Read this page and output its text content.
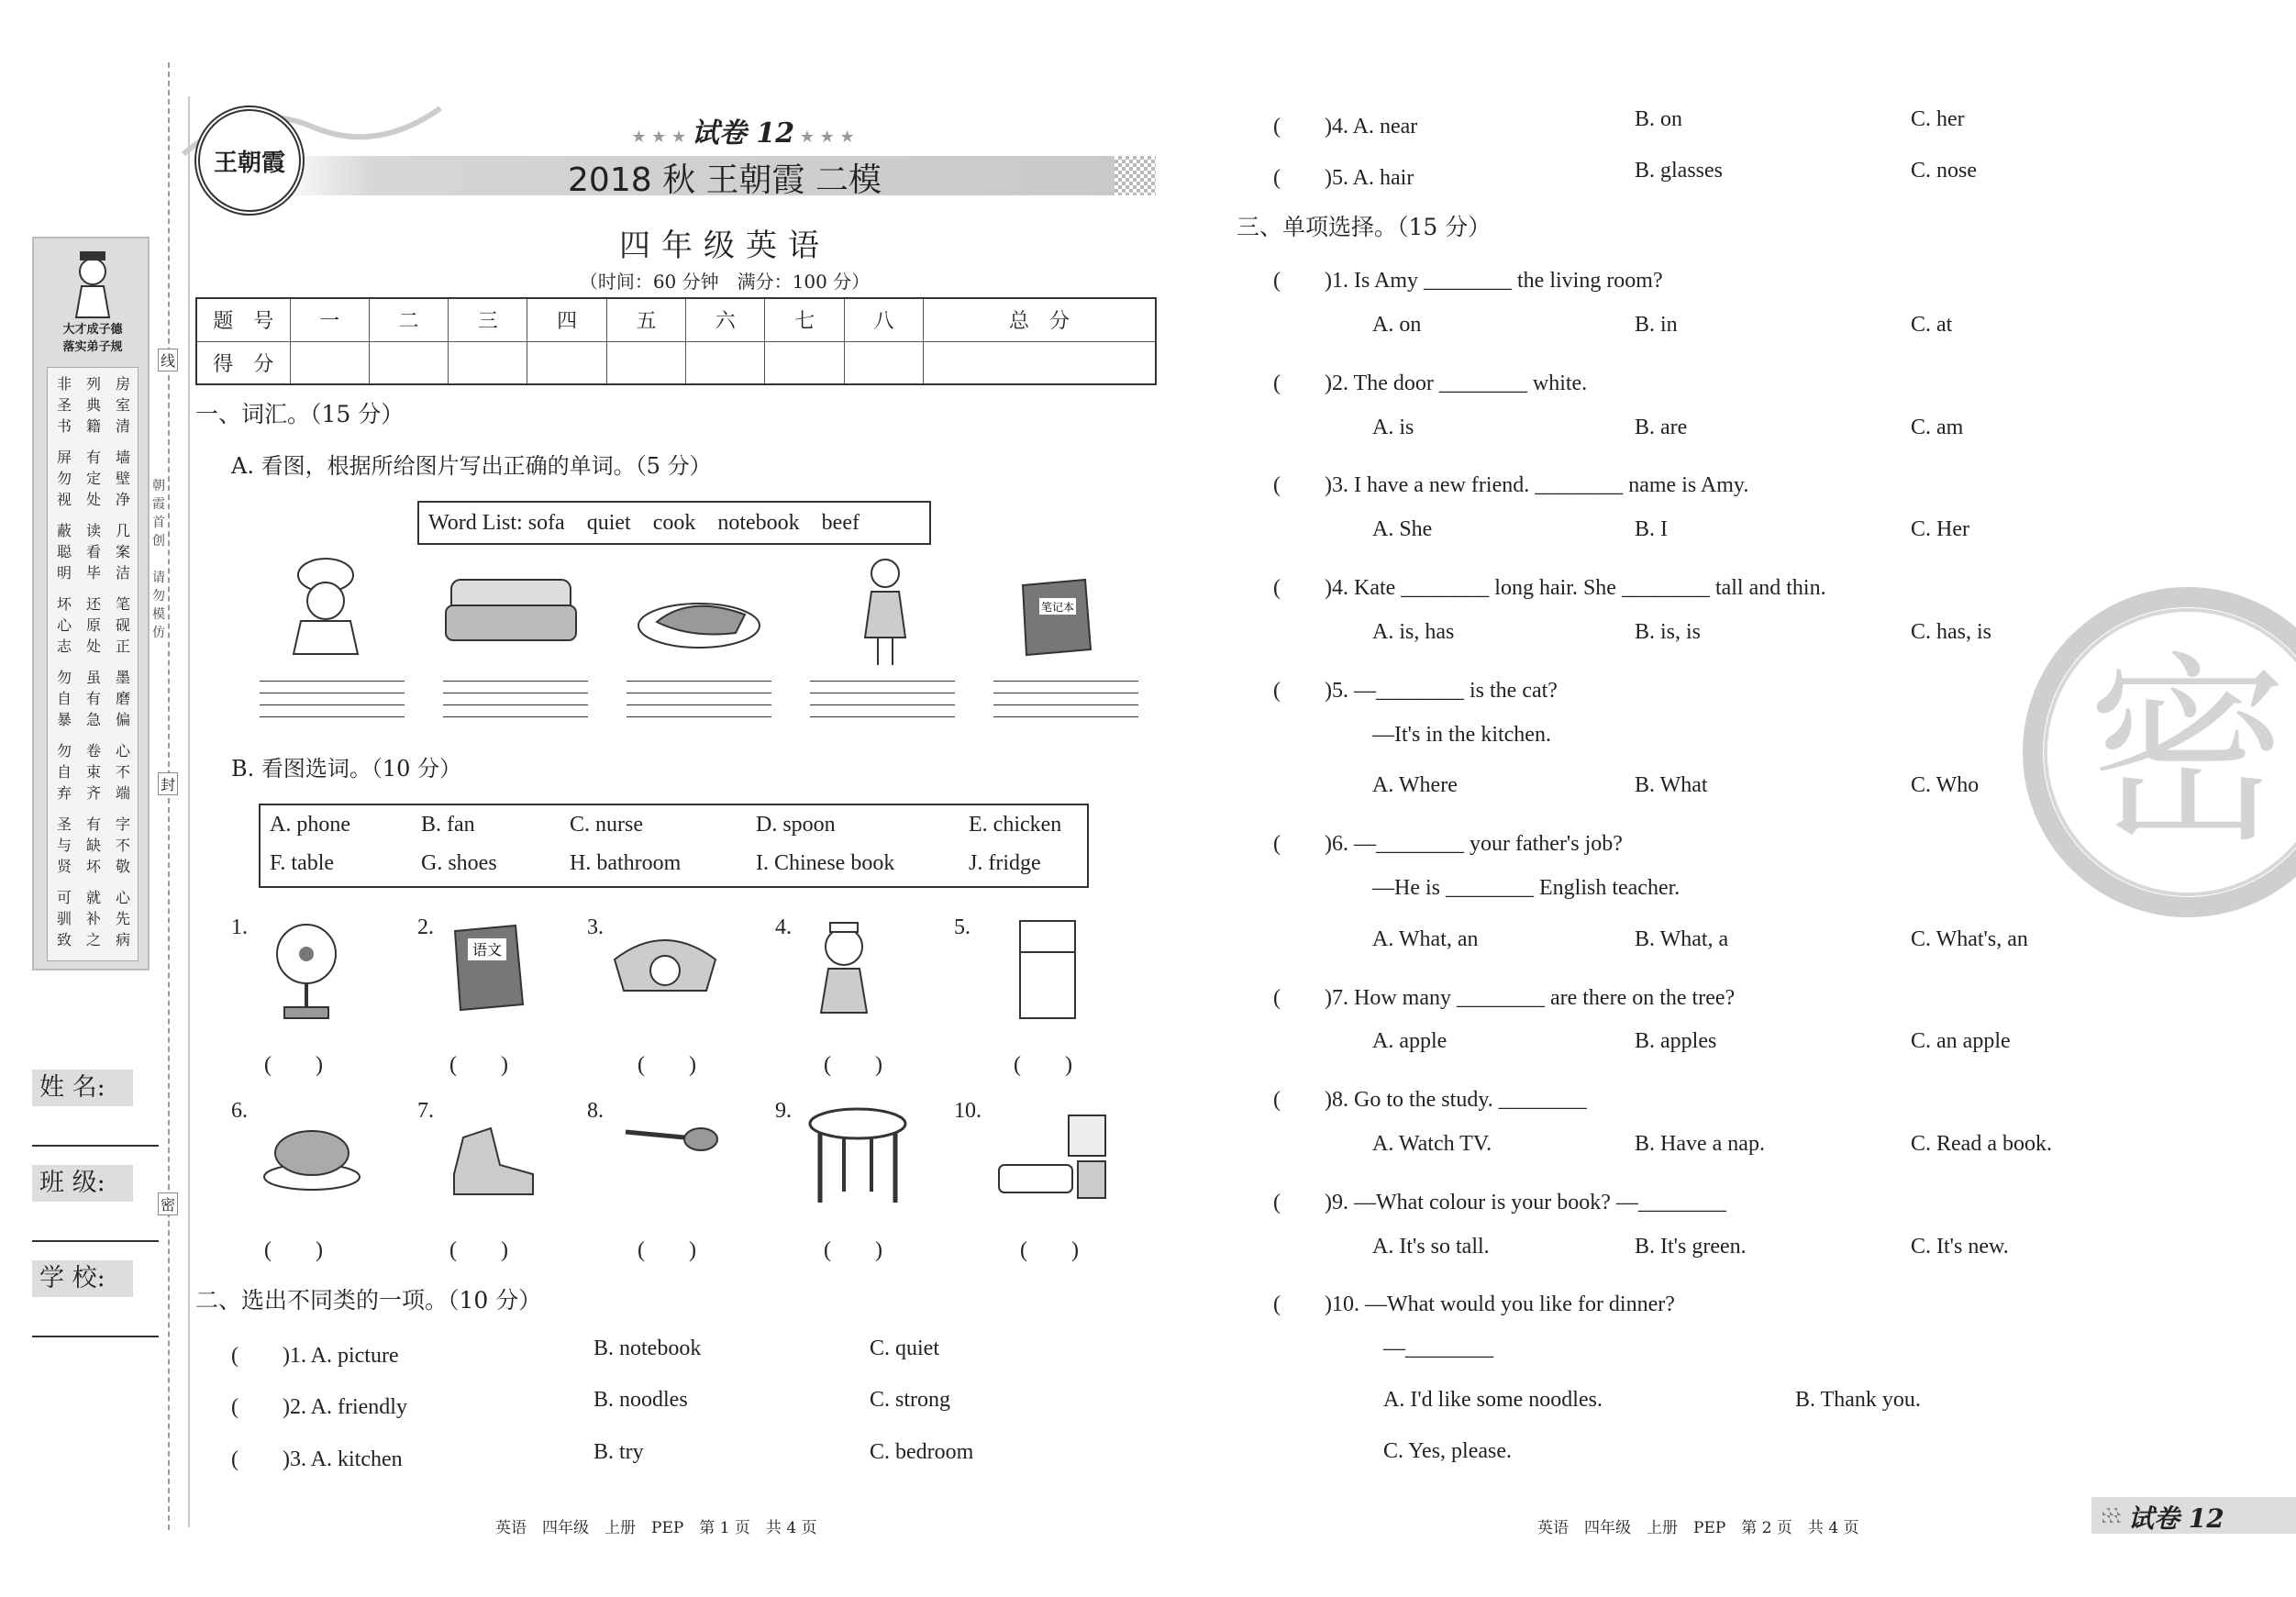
大才成子德
落实弟子规
非圣书
列典籍
房室清
屏勿视
有定处
墙壁净
蔽聪明
读看毕
几案洁
坏心志
还原处
笔砚正
勿自暴
虽有急
墨磨偏
勿自弃
卷束齐
心不端
圣与贤
有缺坏
字不敬
可驯致
就补之
心先病
线
封
密
朝霞首创
请勿模仿
姓 名:
班 级:
学 校:
王朝霞
★ ★ ★ 试卷 12 ★ ★ ★
2018 秋 王朝霞 二模
四年级英语
（时间：60 分钟　满分：100 分）
题　号	一	二	三	四	五	六	七	八	总　分
得　分									
一、词汇。（15 分）
A. 看图，根据所给图片写出正确的单词。（5 分）
Word List: sofa　quiet　cook　notebook　beef
笔记本
B. 看图选词。（10 分）
A. phone	B. fan	C. nurse	D. spoon	E. chicken
F. table	G. shoes	H. bathroom	I. Chinese book	J. fridge
1.	2.
语文
3.	4.	5.
(　　)	(　　)	(　　)	(　　)	(　　)
6.	7.	8.	9.	10.
(　　)	(　　)	(　　)	(　　)	(　　)
二、选出不同类的一项。（10 分）
(　　)1. A. picture	B. notebook	C. quiet
(　　)2. A. friendly	B. noodles	C. strong
(　　)3. A. kitchen	B. try	C. bedroom
(　　)4. A. near	B. on	C. her
(　　)5. A. hair	B. glasses	C. nose
三、单项选择。（15 分）
(　　)1. Is Amy ________ the living room?
A. on	B. in	C. at
(　　)2. The door ________ white.
A. is	B. are	C. am
(　　)3. I have a new friend. ________ name is Amy.
A. She	B. I	C. Her
(　　)4. Kate ________ long hair. She ________ tall and thin.
A. is, has	B. is, is	C. has, is
(　　)5. —________ is the cat?
—It's in the kitchen.
A. Where	B. What	C. Who
(　　)6. —________ your father's job?
—He is ________ English teacher.
A. What, an	B. What, a	C. What's, an
(　　)7. How many ________ are there on the tree?
A. apple	B. apples	C. an apple
(　　)8. Go to the study. ________
A. Watch TV.	B. Have a nap.	C. Read a book.
(　　)9. —What colour is your book? —________
A. It's so tall.	B. It's green.	C. It's new.
(　　)10. —What would you like for dinner?
—________
A. I'd like some noodles.	B. Thank you.
C. Yes, please.
密
英语　四年级　上册　PEP　第 1 页　共 4 页	英语　四年级　上册　PEP　第 2 页　共 4 页	试卷 12
